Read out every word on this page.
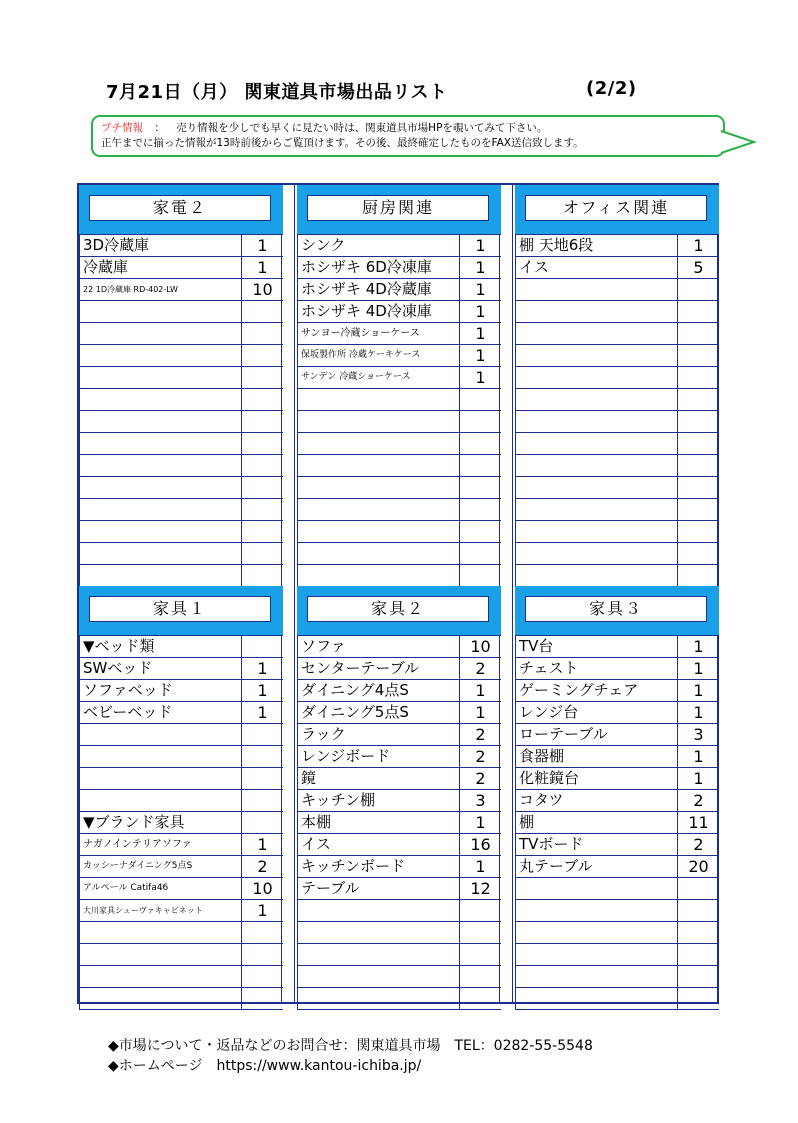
7月21日（月） 関東道具市場出品リスト	(2/2)
プチ情報 ： 売り情報を少しでも早くに見たい時は、関東道具市場HPを覗いてみて下さい。
正午までに揃った情報が13時前後からご覧頂けます。その後、最終確定したものをFAX送信致します。
家電２
3D冷蔵庫	1
冷蔵庫	1
22 1D冷蔵庫 RD-402-LW	10
家具１
▼ベッド類
SWベッド	1
ソファベッド	1
ベビーベッド	1
▼ブランド家具
ナガノインテリアソファ	1
カッシーナダイニング5点S	2
アルペール Catifa46	10
大川家具シューヴァキャビネット	1
厨房関連
シンク	1
ホシザキ 6D冷凍庫	1
ホシザキ 4D冷蔵庫	1
ホシザキ 4D冷凍庫	1
サンヨー冷蔵ショーケース	1
保坂製作所 冷蔵ケーキケース	1
サンデン 冷蔵ショーケース	1
家具２
ソファ	10
センターテーブル	2
ダイニング4点S	1
ダイニング5点S	1
ラック	2
レンジボード	2
鏡	2
キッチン棚	3
本棚	1
イス	16
キッチンボード	1
テーブル	12
オフィス関連
棚 天地6段	1
イス	5
家具３
TV台	1
チェスト	1
ゲーミングチェア	1
レンジ台	1
ローテーブル	3
食器棚	1
化粧鏡台	1
コタツ	2
棚	11
TVボード	2
丸テーブル	20
◆市場について・返品などのお問合せ：関東道具市場　TEL：0282-55-5548
◆ホームページ　https://www.kantou-ichiba.jp/
